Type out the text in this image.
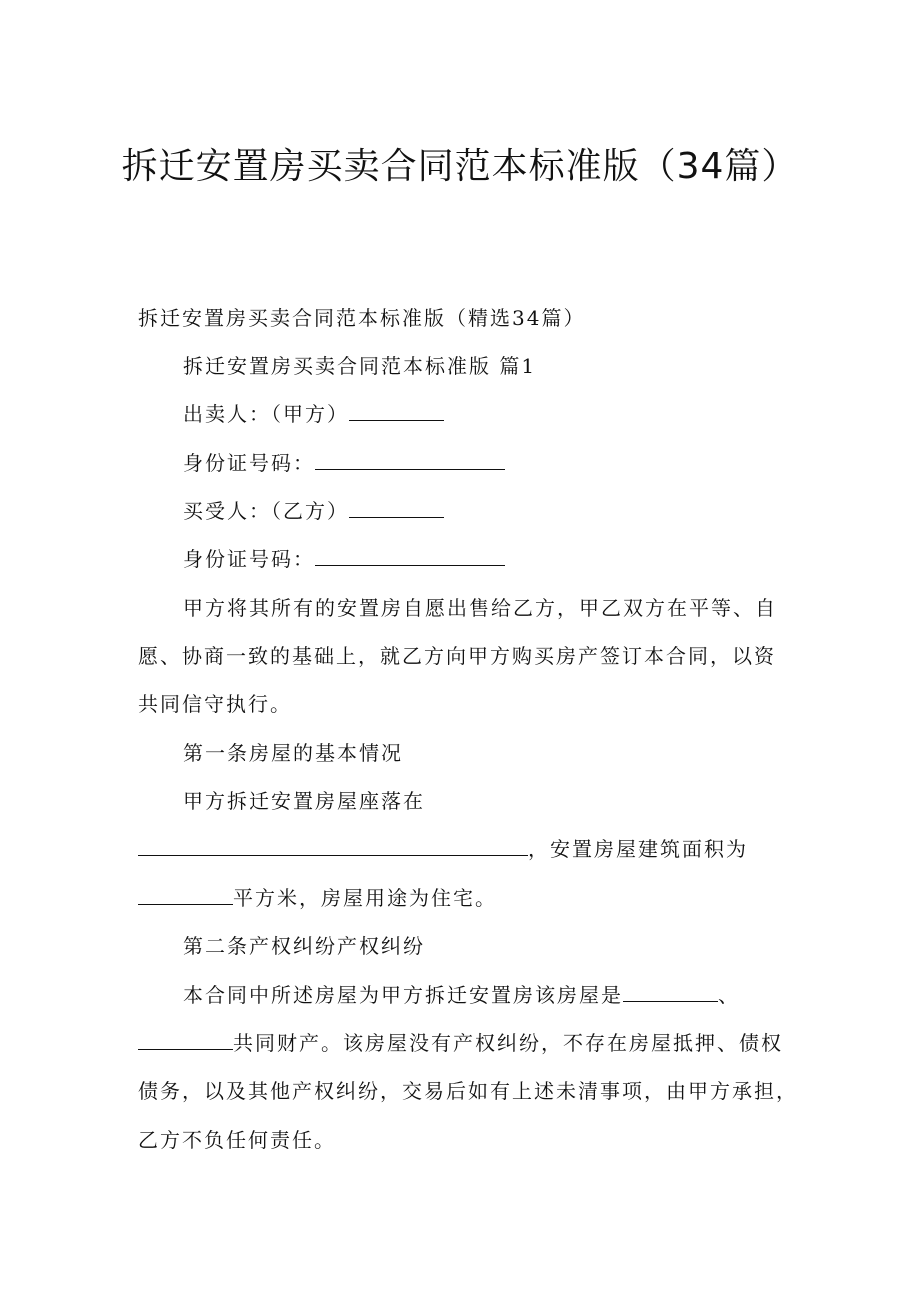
拆迁安置房买卖合同范本标准版（34篇）

拆迁安置房买卖合同范本标准版（精选34篇）

拆迁安置房买卖合同范本标准版 篇1

出卖人：（甲方）

身份证号码：

买受人：（乙方）

身份证号码：

甲方将其所有的安置房自愿出售给乙方，甲乙双方在平等、自

愿、协商一致的基础上，就乙方向甲方购买房产签订本合同，以资

共同信守执行。

第一条房屋的基本情况

甲方拆迁安置房屋座落在

，安置房屋建筑面积为

平方米，房屋用途为住宅。

第二条产权纠纷产权纠纷

本合同中所述房屋为甲方拆迁安置房该房屋是	、

共同财产。该房屋没有产权纠纷，不存在房屋抵押、债权

债务，以及其他产权纠纷，交易后如有上述未清事项，由甲方承担，

乙方不负任何责任。
